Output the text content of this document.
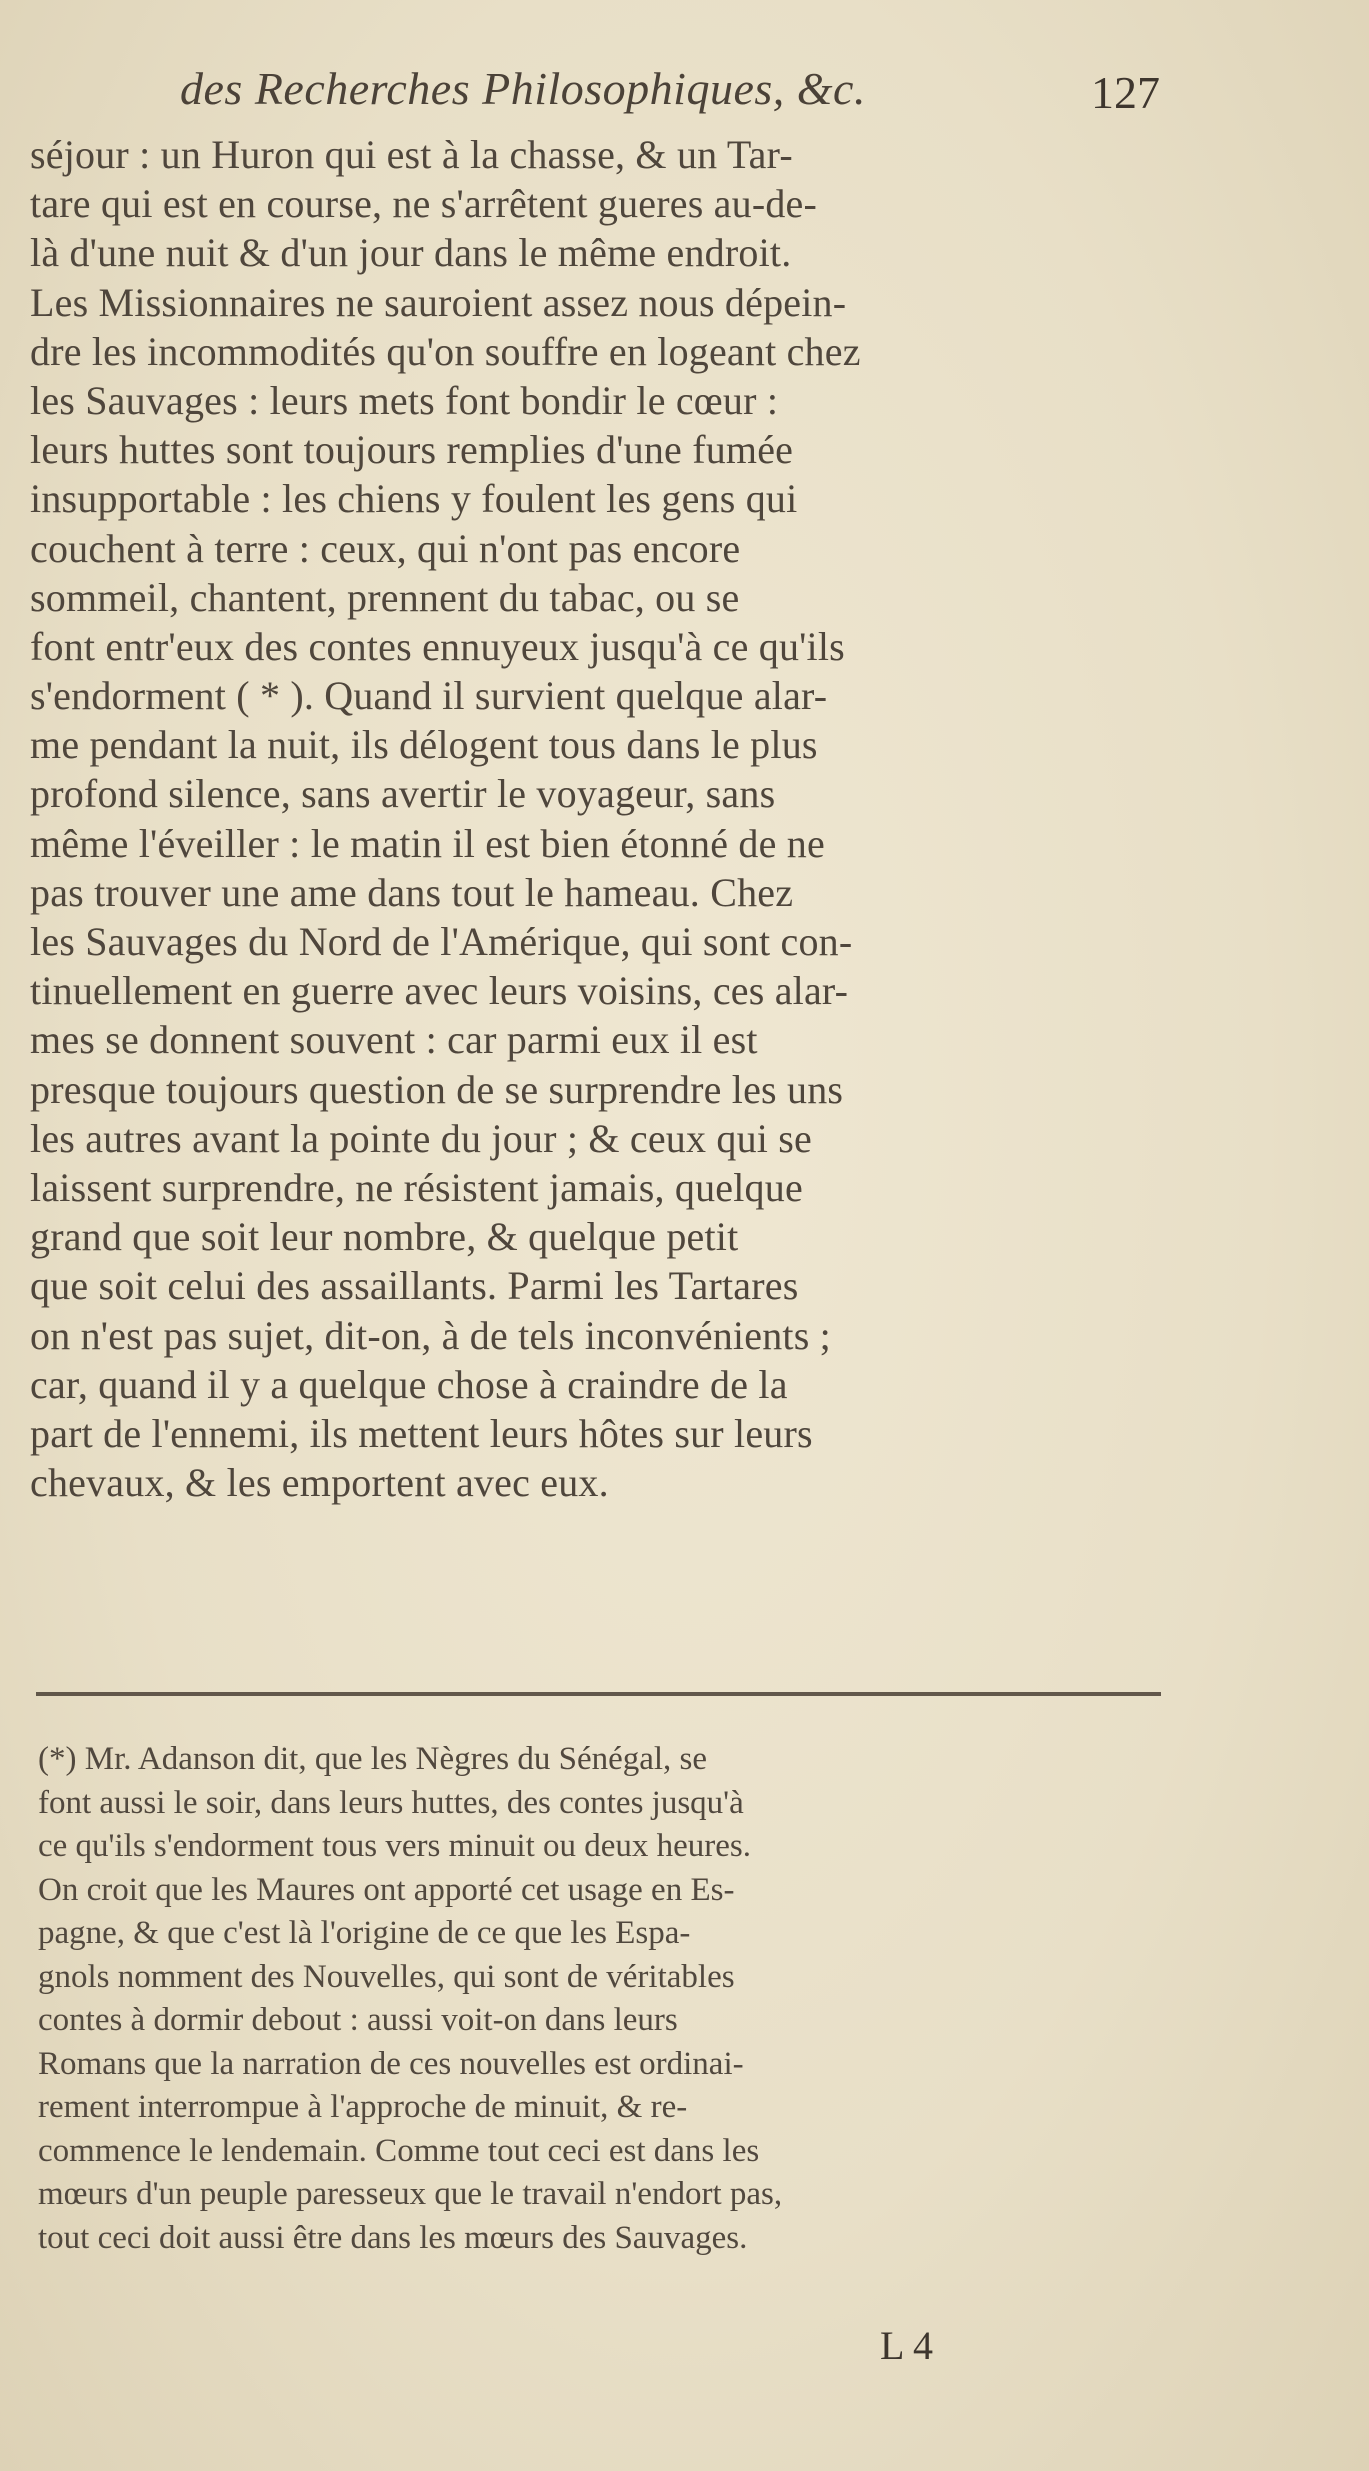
des Recherches Philosophiques, &c.	127
séjour : un Huron qui est à la chasse, & un Tar-
tare qui est en course, ne s'arrêtent gueres au-de-
là d'une nuit & d'un jour dans le même endroit.
Les Missionnaires ne sauroient assez nous dépein-
dre les incommodités qu'on souffre en logeant chez
les Sauvages : leurs mets font bondir le cœur :
leurs huttes sont toujours remplies d'une fumée
insupportable : les chiens y foulent les gens qui
couchent à terre : ceux, qui n'ont pas encore
sommeil, chantent, prennent du tabac, ou se
font entr'eux des contes ennuyeux jusqu'à ce qu'ils
s'endorment ( * ). Quand il survient quelque alar-
me pendant la nuit, ils délogent tous dans le plus
profond silence, sans avertir le voyageur, sans
même l'éveiller : le matin il est bien étonné de ne
pas trouver une ame dans tout le hameau. Chez
les Sauvages du Nord de l'Amérique, qui sont con-
tinuellement en guerre avec leurs voisins, ces alar-
mes se donnent souvent : car parmi eux il est
presque toujours question de se surprendre les uns
les autres avant la pointe du jour ; & ceux qui se
laissent surprendre, ne résistent jamais, quelque
grand que soit leur nombre, & quelque petit
que soit celui des assaillants. Parmi les Tartares
on n'est pas sujet, dit-on, à de tels inconvénients ;
car, quand il y a quelque chose à craindre de la
part de l'ennemi, ils mettent leurs hôtes sur leurs
chevaux, & les emportent avec eux.
(*) Mr. Adanson dit, que les Nègres du Sénégal, se
font aussi le soir, dans leurs huttes, des contes jusqu'à
ce qu'ils s'endorment tous vers minuit ou deux heures.
On croit que les Maures ont apporté cet usage en Es-
pagne, & que c'est là l'origine de ce que les Espa-
gnols nomment des Nouvelles, qui sont de véritables
contes à dormir debout : aussi voit-on dans leurs
Romans que la narration de ces nouvelles est ordinai-
rement interrompue à l'approche de minuit, & re-
commence le lendemain. Comme tout ceci est dans les
mœurs d'un peuple paresseux que le travail n'endort pas,
tout ceci doit aussi être dans les mœurs des Sauvages.
L 4
